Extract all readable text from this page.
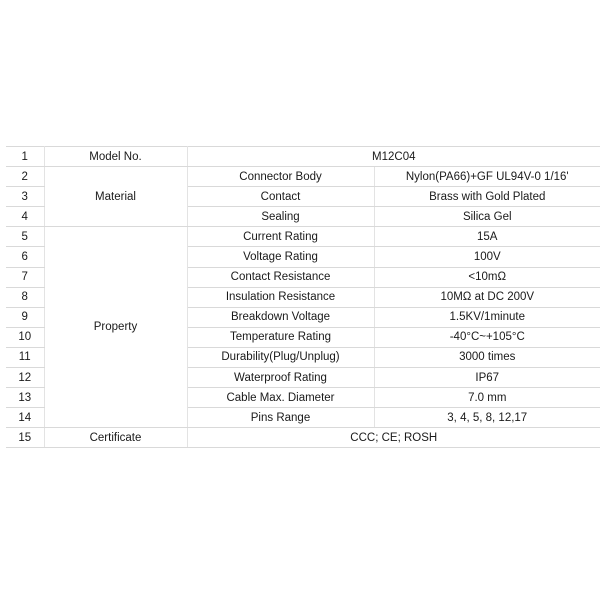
1	Model No.	M12C04	
2	Material	Connector Body	Nylon(PA66)+GF UL94V-0 1/16'
3		Contact	Brass with Gold Plated
4		Sealing	Silica Gel
5	Property	Current Rating	15A
6		Voltage Rating	100V
7		Contact Resistance	<10mΩ
8		Insulation Resistance	10MΩ at DC 200V
9		Breakdown Voltage	1.5KV/1minute
10		Temperature Rating	-40°C~+105°C
11		Durability(Plug/Unplug)	3000 times
12		Waterproof Rating	IP67
13		Cable Max. Diameter	7.0 mm
14		Pins Range	3, 4, 5, 8, 12,17
15	Certificate	CCC; CE; ROSH	
